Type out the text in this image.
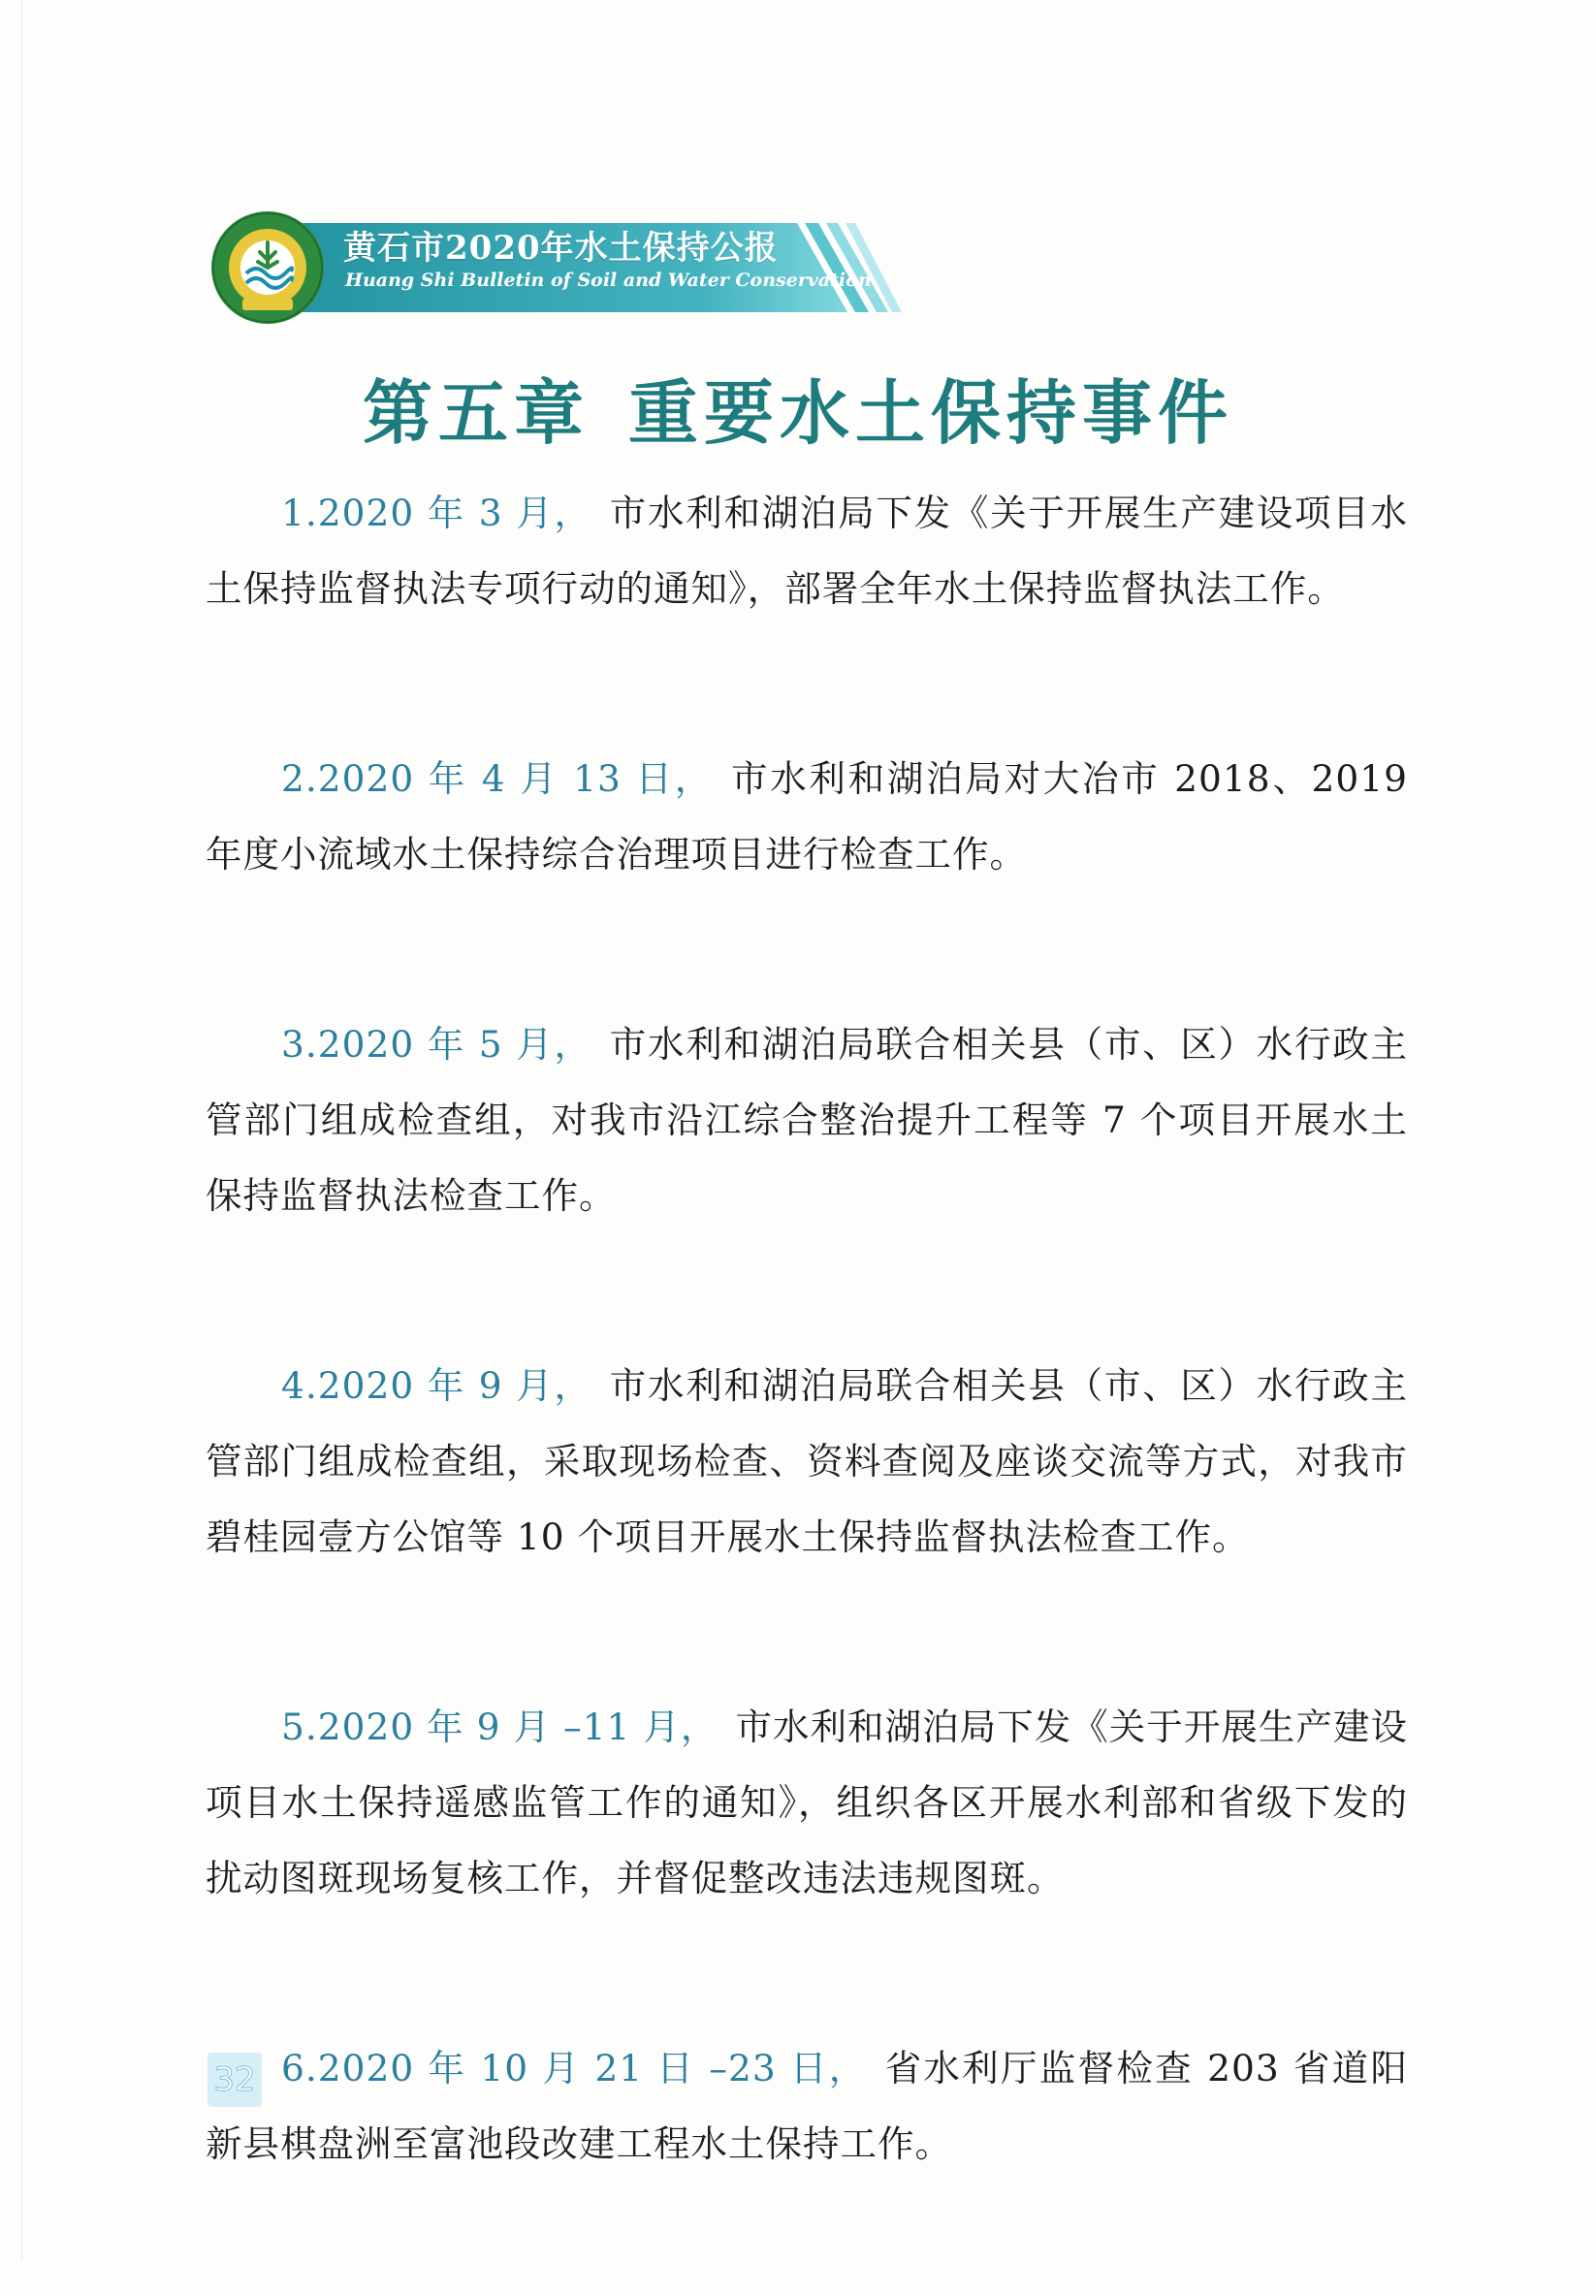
黄石市2020年水土保持公报
Huang Shi Bulletin of Soil and Water Conservation
第五章 重要水土保持事件

1.2020 年 3 月， 市水利和湖泊局下发《关于开展生产建设项目水土保持监督执法专项行动的通知》，部署全年水土保持监督执法工作。

2.2020 年 4 月 13 日， 市水利和湖泊局对大冶市 2018、2019 年度小流域水土保持综合治理项目进行检查工作。

3.2020 年 5 月， 市水利和湖泊局联合相关县（市、区）水行政主管部门组成检查组，对我市沿江综合整治提升工程等 7 个项目开展水土保持监督执法检查工作。

4.2020 年 9 月， 市水利和湖泊局联合相关县（市、区）水行政主管部门组成检查组，采取现场检查、资料查阅及座谈交流等方式，对我市碧桂园壹方公馆等 10 个项目开展水土保持监督执法检查工作。

5.2020 年 9 月 –11 月， 市水利和湖泊局下发《关于开展生产建设项目水土保持遥感监管工作的通知》，组织各区开展水利部和省级下发的扰动图斑现场复核工作，并督促整改违法违规图斑。

6.2020 年 10 月 21 日 –23 日， 省水利厅监督检查 203 省道阳新县棋盘洲至富池段改建工程水土保持工作。

32
